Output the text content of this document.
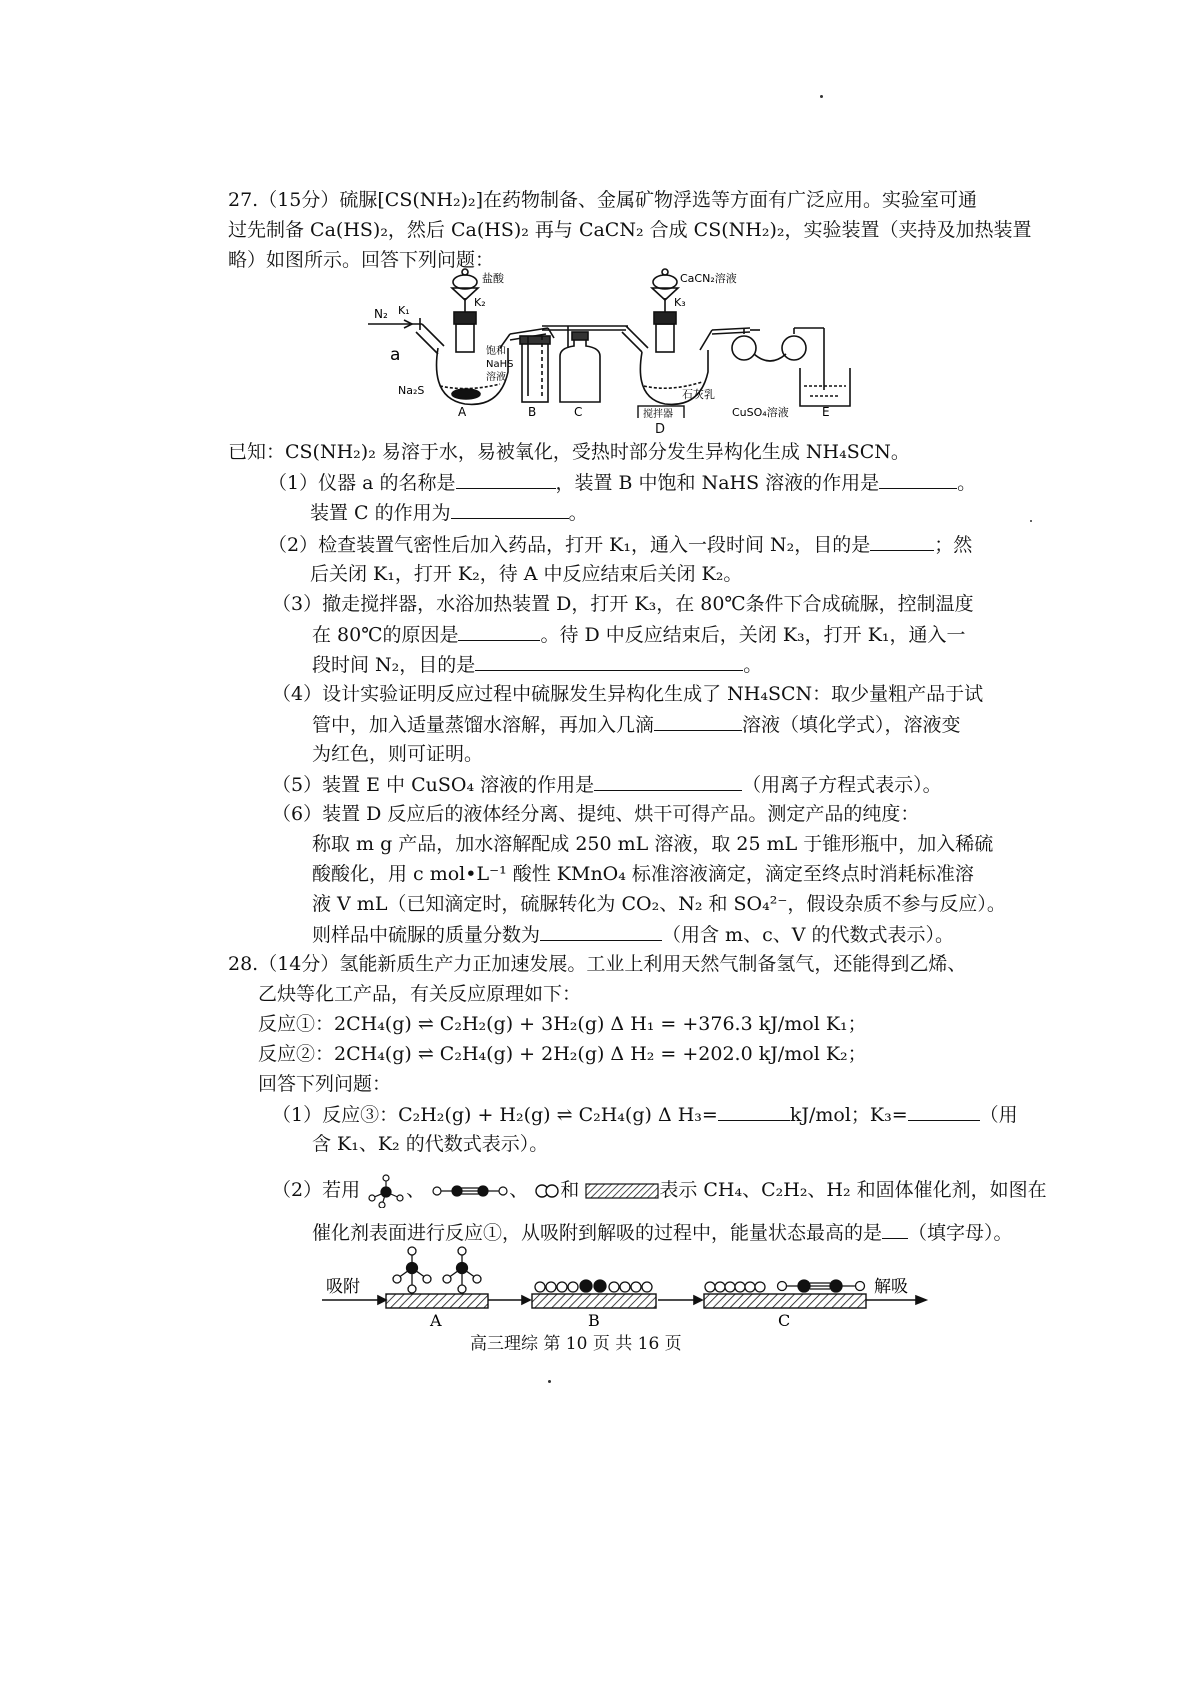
27.（15分）硫脲[CS(NH₂)₂]在药物制备、金属矿物浮选等方面有广泛应用。实验室可通
过先制备 Ca(HS)₂，然后 Ca(HS)₂ 再与 CaCN₂ 合成 CS(NH₂)₂，实验装置（夹持及加热装置
略）如图所示。回答下列问题：
N₂ K₁
盐酸
K₂
a
Na₂S
饱和
NaHS
溶液
CaCN₂溶液
K₃
石灰乳
搅拌器	CuSO₄溶液
A	B	C	E
D
已知：CS(NH₂)₂ 易溶于水，易被氧化，受热时部分发生异构化生成 NH₄SCN。
（1）仪器 a 的名称是	，装置 B 中饱和 NaHS 溶液的作用是	。
装置 C 的作用为	。
（2）检查装置气密性后加入药品，打开 K₁，通入一段时间 N₂，目的是	；然
后关闭 K₁，打开 K₂，待 A 中反应结束后关闭 K₂。
（3）撤走搅拌器，水浴加热装置 D，打开 K₃，在 80℃条件下合成硫脲，控制温度
在 80℃的原因是	。待 D 中反应结束后，关闭 K₃，打开 K₁，通入一
段时间 N₂，目的是	。
（4）设计实验证明反应过程中硫脲发生异构化生成了 NH₄SCN：取少量粗产品于试
管中，加入适量蒸馏水溶解，再加入几滴	溶液（填化学式），溶液变
为红色，则可证明。
（5）装置 E 中 CuSO₄ 溶液的作用是	（用离子方程式表示）。
（6）装置 D 反应后的液体经分离、提纯、烘干可得产品。测定产品的纯度：
称取 m g 产品，加水溶解配成 250 mL 溶液，取 25 mL 于锥形瓶中，加入稀硫
酸酸化，用 c mol•L⁻¹ 酸性 KMnO₄ 标准溶液滴定，滴定至终点时消耗标准溶
液 V mL（已知滴定时，硫脲转化为 CO₂、N₂ 和 SO₄²⁻，假设杂质不参与反应）。
则样品中硫脲的质量分数为	（用含 m、c、V 的代数式表示）。
28.（14分）氢能新质生产力正加速发展。工业上利用天然气制备氢气，还能得到乙烯、
乙炔等化工产品，有关反应原理如下：
反应①：2CH₄(g) ⇌ C₂H₂(g) + 3H₂(g) Δ H₁ = +376.3 kJ/mol K₁；
反应②：2CH₄(g) ⇌ C₂H₄(g) + 2H₂(g) Δ H₂ = +202.0 kJ/mol K₂；
回答下列问题：
（1）反应③：C₂H₂(g) + H₂(g) ⇌ C₂H₄(g) Δ H₃=	kJ/mol；K₃=	（用
含 K₁、K₂ 的代数式表示）。
（2）若用 、	、 和	表示 CH₄、C₂H₂、H₂ 和固体催化剂，如图在
催化剂表面进行反应①，从吸附到解吸的过程中，能量状态最高的是 （填字母）。
吸附	解吸
A	B	C
高三理综 第 10 页 共 16 页
